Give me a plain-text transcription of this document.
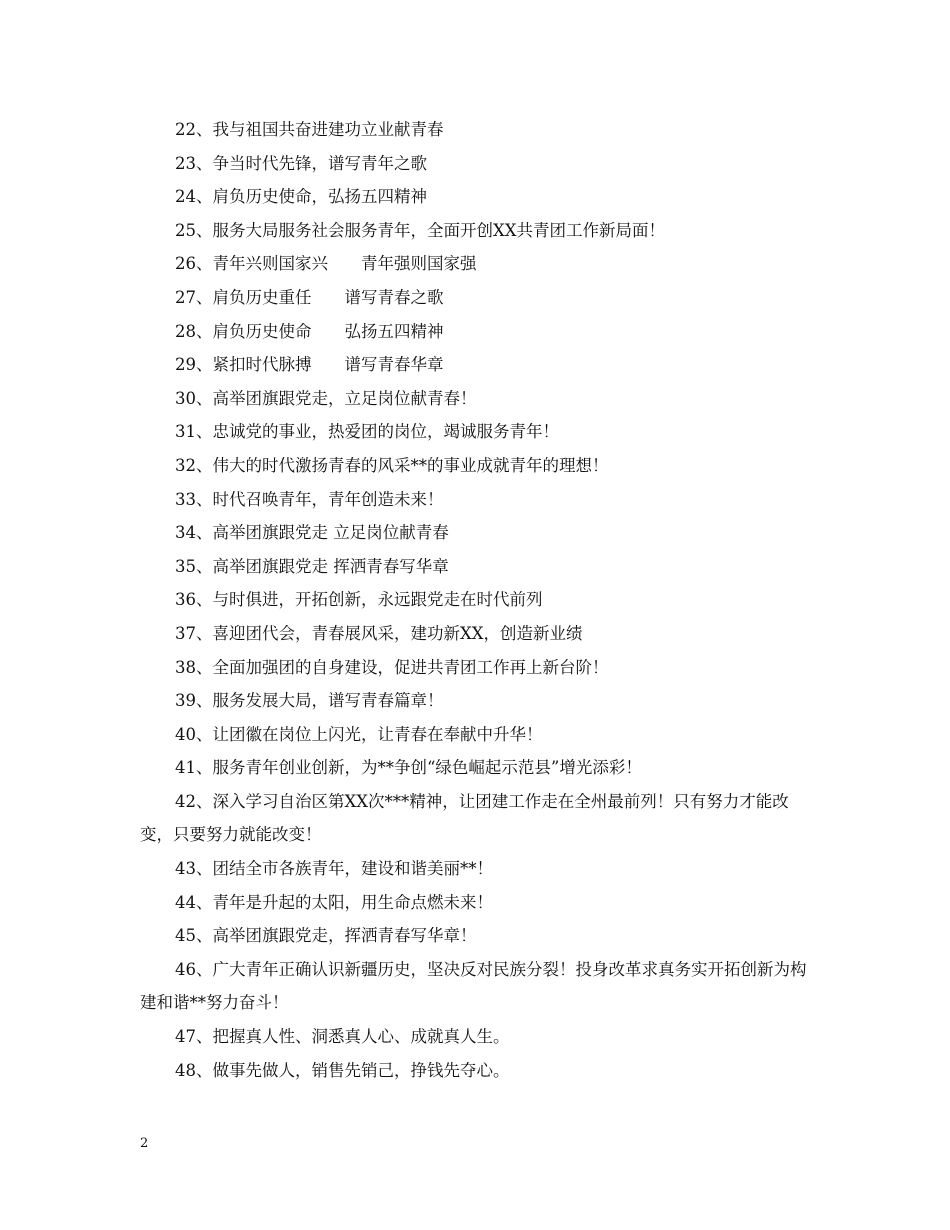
22、我与祖国共奋进建功立业献青春

23、争当时代先锋，谱写青年之歌

24、肩负历史使命，弘扬五四精神

25、服务大局服务社会服务青年，全面开创XX共青团工作新局面！

26、青年兴则国家兴　　青年强则国家强

27、肩负历史重任　　谱写青春之歌

28、肩负历史使命　　弘扬五四精神

29、紧扣时代脉搏　　谱写青春华章

30、高举团旗跟党走，立足岗位献青春！

31、忠诚党的事业，热爱团的岗位，竭诚服务青年！

32、伟大的时代激扬青春的风采**的事业成就青年的理想！

33、时代召唤青年，青年创造未来！

34、高举团旗跟党走 立足岗位献青春

35、高举团旗跟党走 挥洒青春写华章

36、与时俱进，开拓创新，永远跟党走在时代前列

37、喜迎团代会，青春展风采，建功新XX，创造新业绩

38、全面加强团的自身建设，促进共青团工作再上新台阶！

39、服务发展大局，谱写青春篇章！

40、让团徽在岗位上闪光，让青春在奉献中升华！

41、服务青年创业创新，为**争创“绿色崛起示范县”增光添彩！

42、深入学习自治区第XX次***精神，让团建工作走在全州最前列！只有努力才能改变，只要努力就能改变！

43、团结全市各族青年，建设和谐美丽**！

44、青年是升起的太阳，用生命点燃未来！

45、高举团旗跟党走，挥洒青春写华章！

46、广大青年正确认识新疆历史，坚决反对民族分裂！投身改革求真务实开拓创新为构建和谐**努力奋斗！

47、把握真人性、洞悉真人心、成就真人生。

48、做事先做人，销售先销己，挣钱先夺心。

2
